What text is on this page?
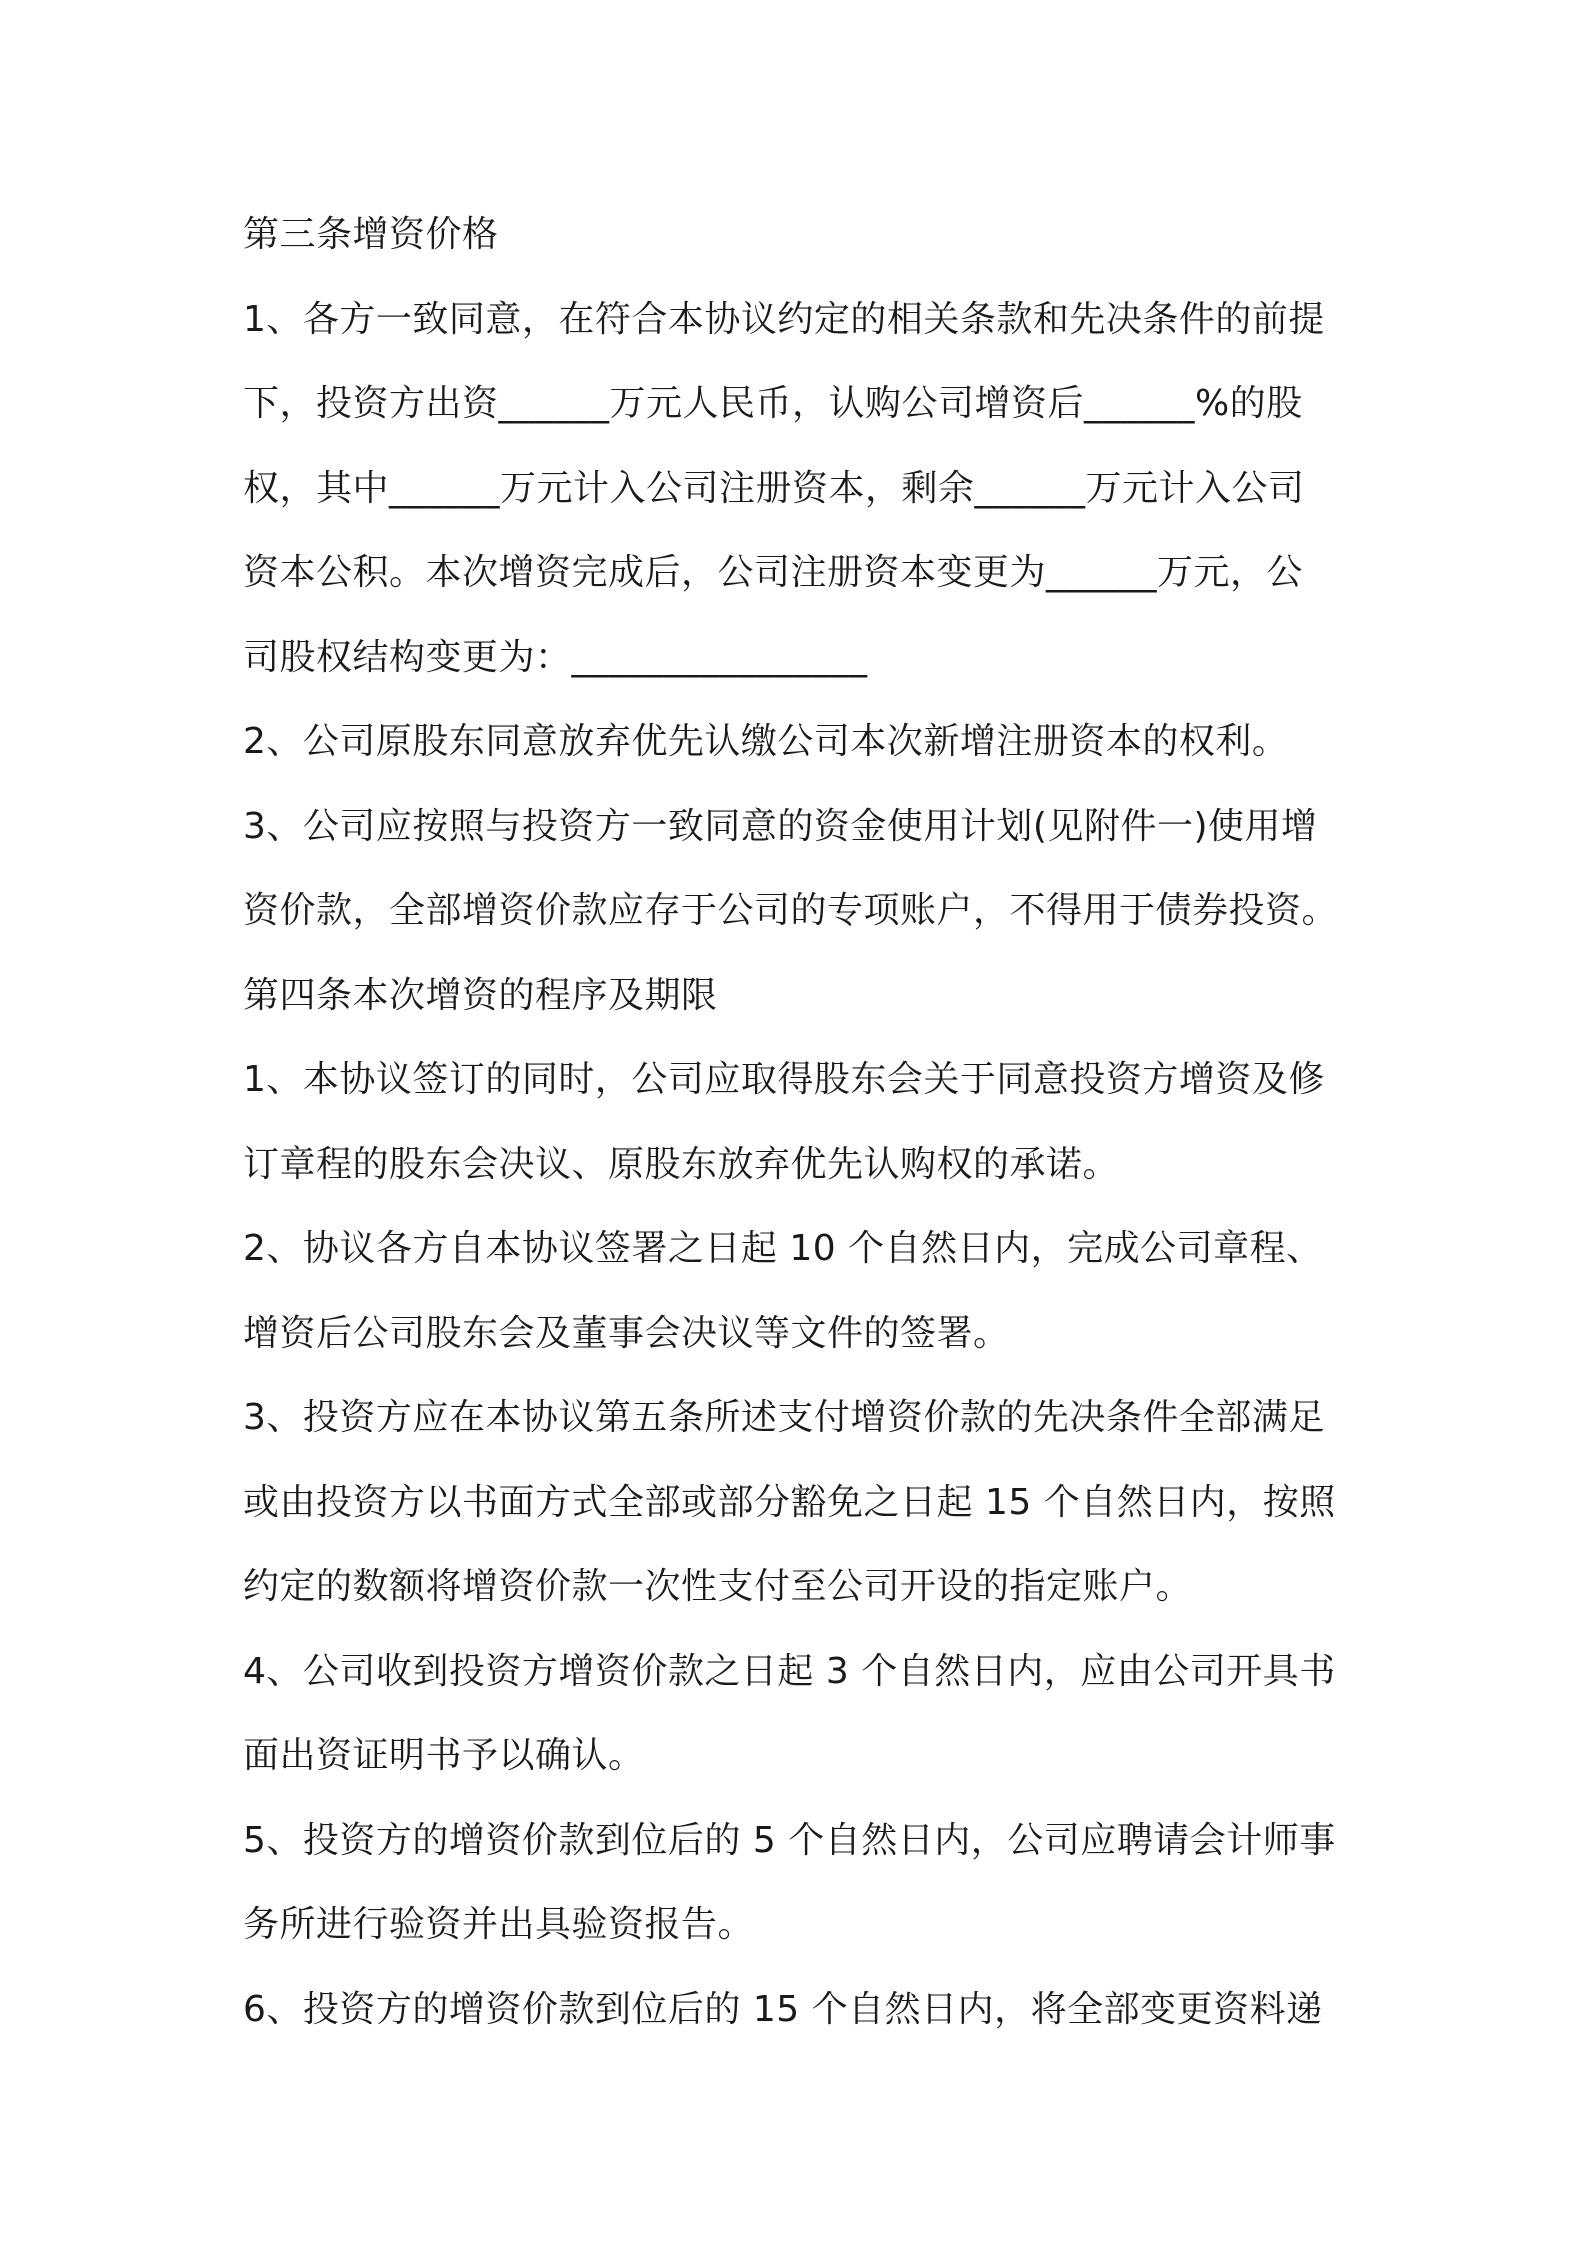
第三条增资价格
1、各方一致同意，在符合本协议约定的相关条款和先决条件的前提
下，投资方出资______万元人民币，认购公司增资后______%的股
权，其中______万元计入公司注册资本，剩余______万元计入公司
资本公积。本次增资完成后，公司注册资本变更为______万元，公
司股权结构变更为：________________
2、公司原股东同意放弃优先认缴公司本次新增注册资本的权利。
3、公司应按照与投资方一致同意的资金使用计划(见附件一)使用增
资价款，全部增资价款应存于公司的专项账户，不得用于债券投资。
第四条本次增资的程序及期限
1、本协议签订的同时，公司应取得股东会关于同意投资方增资及修
订章程的股东会决议、原股东放弃优先认购权的承诺。
2、协议各方自本协议签署之日起 10 个自然日内，完成公司章程、
增资后公司股东会及董事会决议等文件的签署。
3、投资方应在本协议第五条所述支付增资价款的先决条件全部满足
或由投资方以书面方式全部或部分豁免之日起 15 个自然日内，按照
约定的数额将增资价款一次性支付至公司开设的指定账户。
4、公司收到投资方增资价款之日起 3 个自然日内，应由公司开具书
面出资证明书予以确认。
5、投资方的增资价款到位后的 5 个自然日内，公司应聘请会计师事
务所进行验资并出具验资报告。
6、投资方的增资价款到位后的 15 个自然日内，将全部变更资料递
